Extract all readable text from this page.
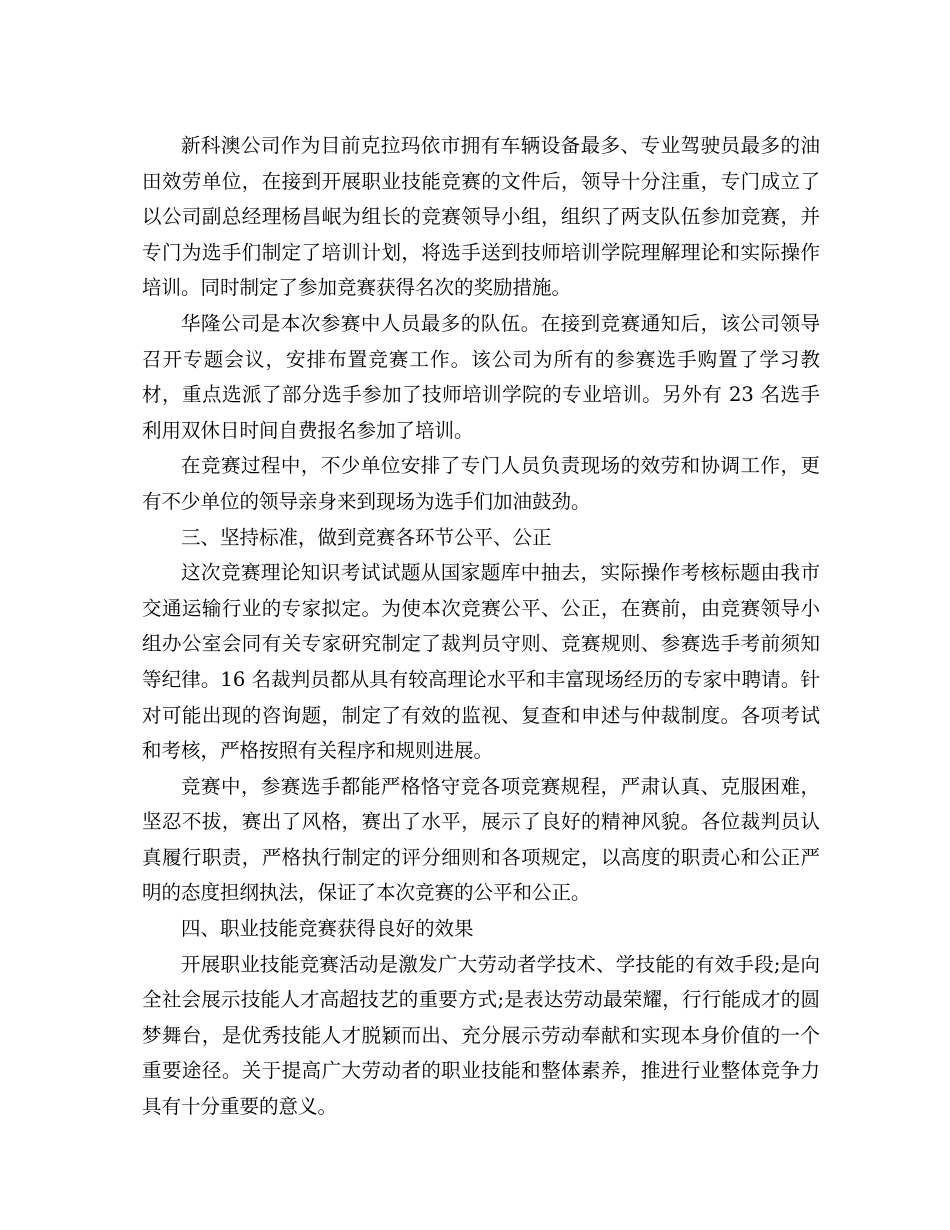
新科澳公司作为目前克拉玛依市拥有车辆设备最多、专业驾驶员最多的油田效劳单位，在接到开展职业技能竞赛的文件后，领导十分注重，专门成立了以公司副总经理杨昌岷为组长的竞赛领导小组，组织了两支队伍参加竞赛，并专门为选手们制定了培训计划，将选手送到技师培训学院理解理论和实际操作培训。同时制定了参加竞赛获得名次的奖励措施。

华隆公司是本次参赛中人员最多的队伍。在接到竞赛通知后，该公司领导召开专题会议，安排布置竞赛工作。该公司为所有的参赛选手购置了学习教材，重点选派了部分选手参加了技师培训学院的专业培训。另外有 23 名选手利用双休日时间自费报名参加了培训。

在竞赛过程中，不少单位安排了专门人员负责现场的效劳和协调工作，更有不少单位的领导亲身来到现场为选手们加油鼓劲。

三、坚持标准，做到竞赛各环节公平、公正

这次竞赛理论知识考试试题从国家题库中抽去，实际操作考核标题由我市交通运输行业的专家拟定。为使本次竞赛公平、公正，在赛前，由竞赛领导小组办公室会同有关专家研究制定了裁判员守则、竞赛规则、参赛选手考前须知等纪律。16 名裁判员都从具有较高理论水平和丰富现场经历的专家中聘请。针对可能出现的咨询题，制定了有效的监视、复查和申述与仲裁制度。各项考试和考核，严格按照有关程序和规则进展。

竞赛中，参赛选手都能严格恪守竞各项竞赛规程，严肃认真、克服困难，坚忍不拔，赛出了风格，赛出了水平，展示了良好的精神风貌。各位裁判员认真履行职责，严格执行制定的评分细则和各项规定，以高度的职责心和公正严明的态度担纲执法，保证了本次竞赛的公平和公正。

四、职业技能竞赛获得良好的效果

开展职业技能竞赛活动是激发广大劳动者学技术、学技能的有效手段;是向全社会展示技能人才高超技艺的重要方式;是表达劳动最荣耀，行行能成才的圆梦舞台，是优秀技能人才脱颖而出、充分展示劳动奉献和实现本身价值的一个重要途径。关于提高广大劳动者的职业技能和整体素养，推进行业整体竞争力具有十分重要的意义。
